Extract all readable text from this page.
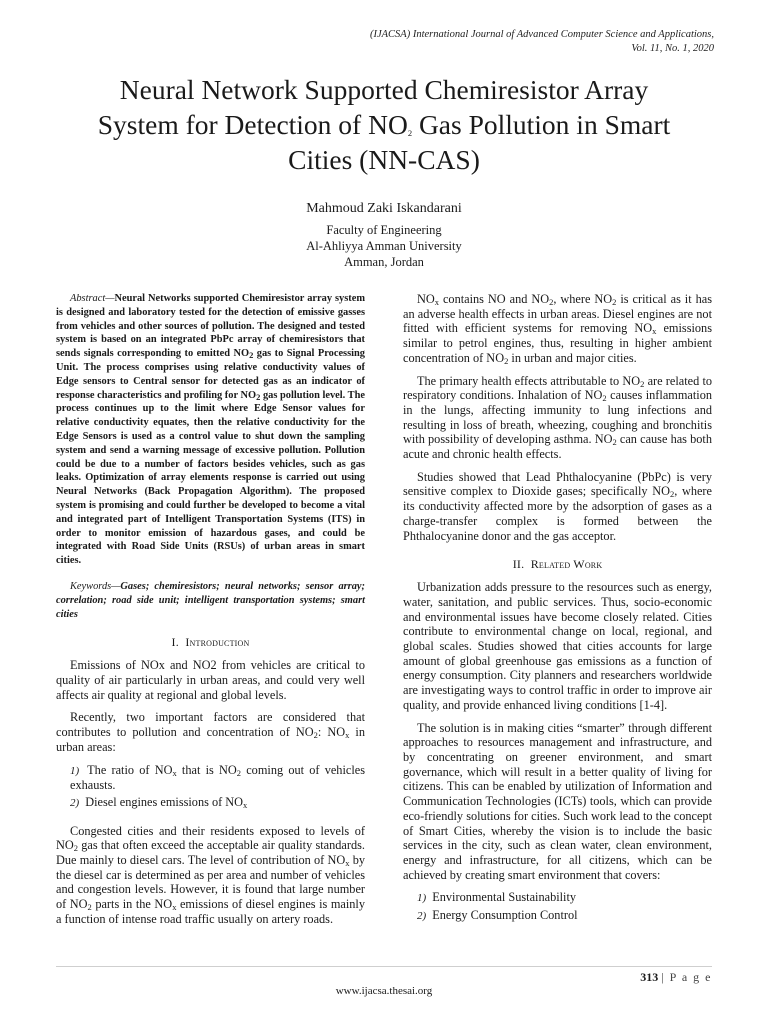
(IJACSA) International Journal of Advanced Computer Science and Applications,
Vol. 11, No. 1, 2020
Neural Network Supported Chemiresistor Array
System for Detection of $NO_2$ Gas Pollution in Smart
Cities (NN-CAS)
Mahmoud Zaki Iskandarani
Faculty of Engineering
Al-Ahliyya Amman University
Amman, Jordan

Abstract—Neural Networks supported Chemiresistor array system is designed and laboratory tested for the detection of emissive gasses from vehicles and other sources of pollution. The designed and tested system is based on an integrated PbPc array of chemiresistors that sends signals corresponding to emitted $NO_2$ gas to Signal Processing Unit. The process comprises using relative conductivity values of Edge sensors to Central sensor for detected gas as an indicator of response characteristics and profiling for $NO_2$ gas pollution level. The process continues up to the limit where Edge Sensor values for relative conductivity equates, then the relative conductivity for the Edge Sensors is used as a control value to shut down the sampling system and send a warning message of excessive pollution. Pollution could be due to a number of factors besides vehicles, such as gas leaks. Optimization of array elements response is carried out using Neural Networks (Back Propagation Algorithm). The proposed system is promising and could further be developed to become a vital and integrated part of Intelligent Transportation Systems (ITS) in order to monitor emission of hazardous gases, and could be integrated with Road Side Units (RSUs) of urban areas in smart cities.

Keywords—Gases; chemiresistors; neural networks; sensor array; correlation; road side unit; intelligent transportation systems; smart cities

I. Introduction

Emissions of NOx and NO2 from vehicles are critical to quality of air particularly in urban areas, and could very well affects air quality at regional and global levels.

Recently, two important factors are considered that contributes to pollution and concentration of $NO_2$: $NO_x$ in urban areas:

1) The ratio of $NO_x$ that is $NO_2$ coming out of vehicles exhausts.

2) Diesel engines emissions of $NO_x$

Congested cities and their residents exposed to levels of $NO_2$ gas that often exceed the acceptable air quality standards. Due mainly to diesel cars. The level of contribution of $NO_x$ by the diesel car is determined as per area and number of vehicles and congestion levels. However, it is found that large number of $NO_2$ parts in the $NO_x$ emissions of diesel engines is mainly a function of intense road traffic usually on artery roads.

$NO_x$ contains NO and $NO_2$, where $NO_2$ is critical as it has an adverse health effects in urban areas. Diesel engines are not fitted with efficient systems for removing $NO_x$ emissions similar to petrol engines, thus, resulting in higher ambient concentration of $NO_2$ in urban and major cities.

The primary health effects attributable to $NO_2$ are related to respiratory conditions. Inhalation of $NO_2$ causes inflammation in the lungs, affecting immunity to lung infections and resulting in loss of breath, wheezing, coughing and bronchitis with possibility of developing asthma. $NO_2$ can cause has both acute and chronic health effects.

Studies showed that Lead Phthalocyanine (PbPc) is very sensitive complex to Dioxide gases; specifically $NO_2$, where its conductivity affected more by the adsorption of gases as a charge-transfer complex is formed between the Phthalocyanine donor and the gas acceptor.

II. Related Work

Urbanization adds pressure to the resources such as energy, water, sanitation, and public services. Thus, socio-economic and environmental issues have become closely related. Cities contribute to environmental change on local, regional, and global scales. Studies showed that cities accounts for large amount of global greenhouse gas emissions as a function of energy consumption. City planners and researchers worldwide are investigating ways to control traffic in order to improve air quality, and provide enhanced living conditions [1-4].

The solution is in making cities “smarter” through different approaches to resources management and infrastructure, and by concentrating on greener environment, and smart governance, which will result in a better quality of living for citizens. This can be enabled by utilization of Information and Communication Technologies (ICTs) tools, which can provide eco-friendly solutions for cities. Such work lead to the concept of Smart Cities, whereby the vision is to include the basic services in the city, such as clean water, clean environment, energy and infrastructure, for all citizens, which can be achieved by creating smart environment that covers:

1) Environmental Sustainability

2) Energy Consumption Control

313 | P a g e
www.ijacsa.thesai.org
